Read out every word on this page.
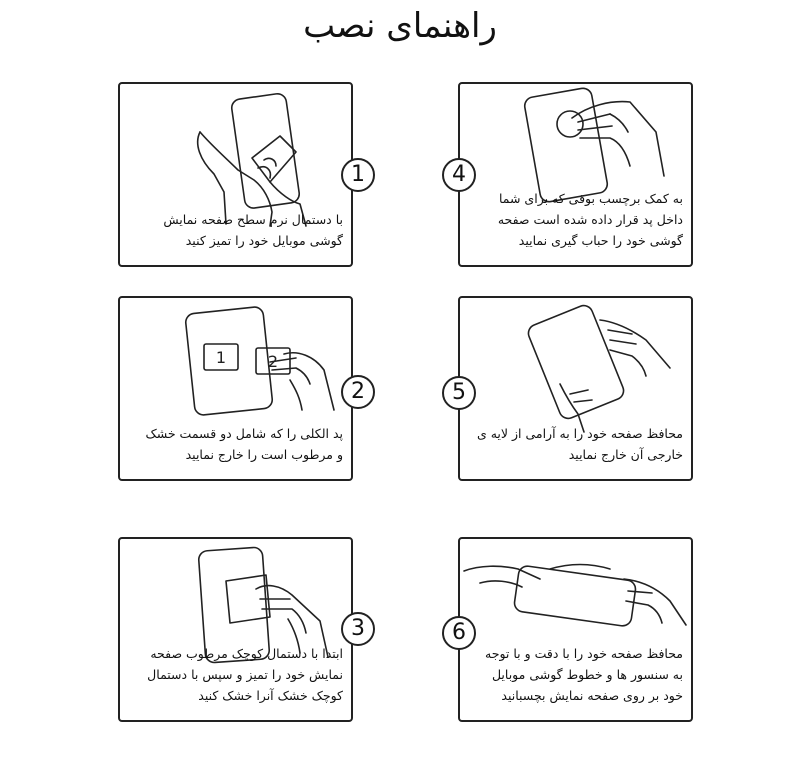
راهنمای نصب
با دستمال نرم سطح صفحه نمایش
گوشی موبایل خود را تمیز کنید
1
به کمک برچسب بوقی که برای شما
داخل پد قرار داده شده است صفحه
گوشی خود را حباب گیری نمایید
4
1	2
پد الکلی را که شامل دو قسمت خشک
و مرطوب است را خارج نمایید
2
محافظ صفحه خود را به آرامی از لایه ی
خارجی آن خارج نمایید
5
ابتدا با دستمال کوچک مرطوب صفحه
نمایش خود را تمیز و سپس با دستمال
کوچک خشک آنرا خشک کنید
3
محافظ صفحه خود را با دقت و با توجه
به سنسور ها و خطوط گوشی موبایل
خود بر روی صفحه نمایش بچسبانید
6
